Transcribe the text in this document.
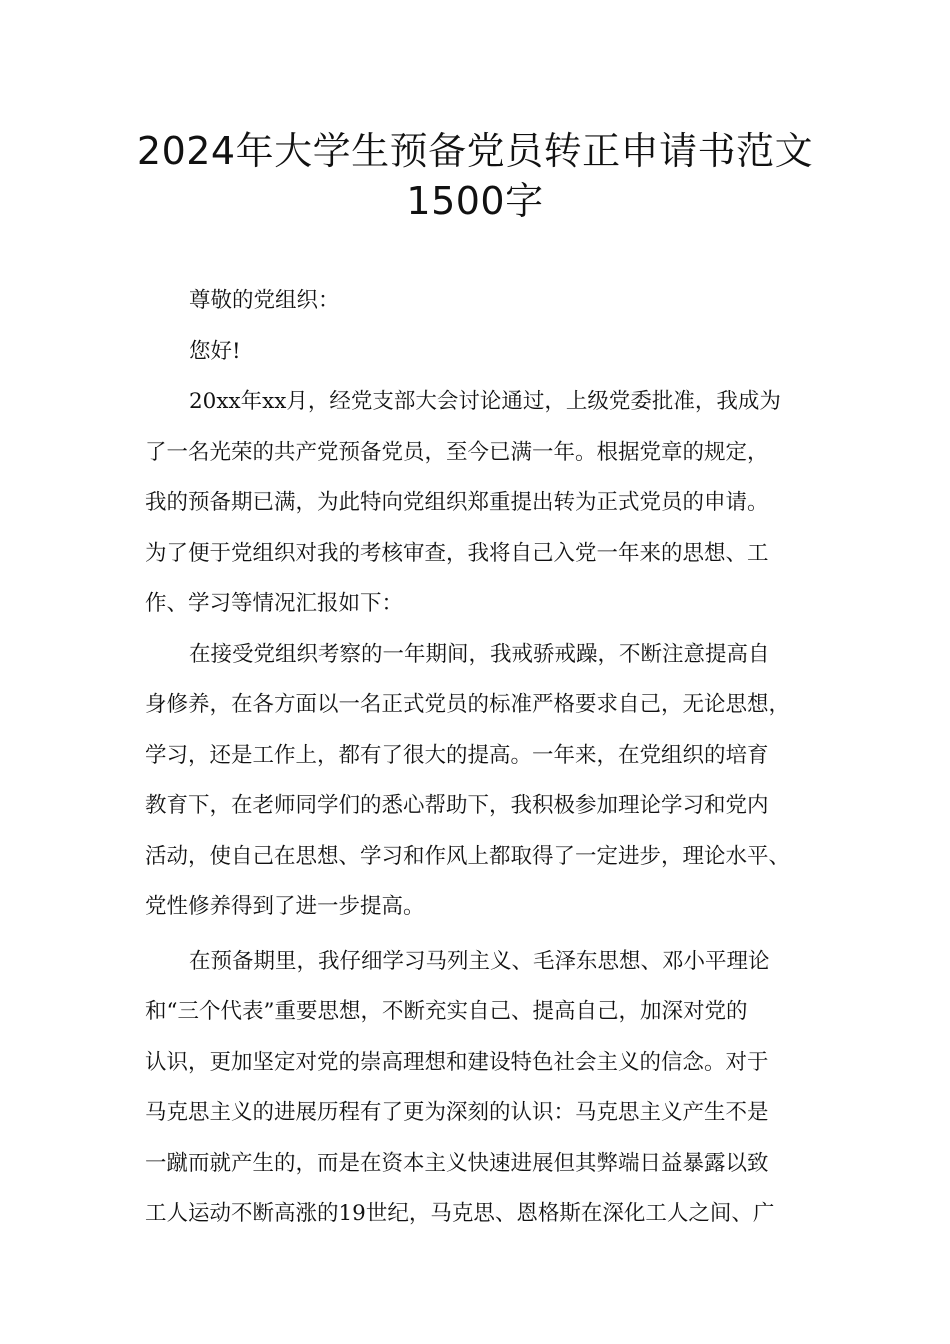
2024年大学生预备党员转正申请书范文
1500字

尊敬的党组织：

您好!

20xx年xx月，经党支部大会讨论通过，上级党委批准，我成为
了一名光荣的共产党预备党员，至今已满一年。根据党章的规定，
我的预备期已满，为此特向党组织郑重提出转为正式党员的申请。
为了便于党组织对我的考核审查，我将自己入党一年来的思想、工
作、学习等情况汇报如下：

在接受党组织考察的一年期间，我戒骄戒躁，不断注意提高自
身修养，在各方面以一名正式党员的标准严格要求自己，无论思想，
学习，还是工作上，都有了很大的提高。一年来，在党组织的培育
教育下，在老师同学们的悉心帮助下，我积极参加理论学习和党内
活动，使自己在思想、学习和作风上都取得了一定进步，理论水平、
党性修养得到了进一步提高。

在预备期里，我仔细学习马列主义、毛泽东思想、邓小平理论
和“三个代表”重要思想，不断充实自己、提高自己，加深对党的
认识，更加坚定对党的崇高理想和建设特色社会主义的信念。对于
马克思主义的进展历程有了更为深刻的认识：马克思主义产生不是
一蹴而就产生的，而是在资本主义快速进展但其弊端日益暴露以致
工人运动不断高涨的19世纪，马克思、恩格斯在深化工人之间、广
